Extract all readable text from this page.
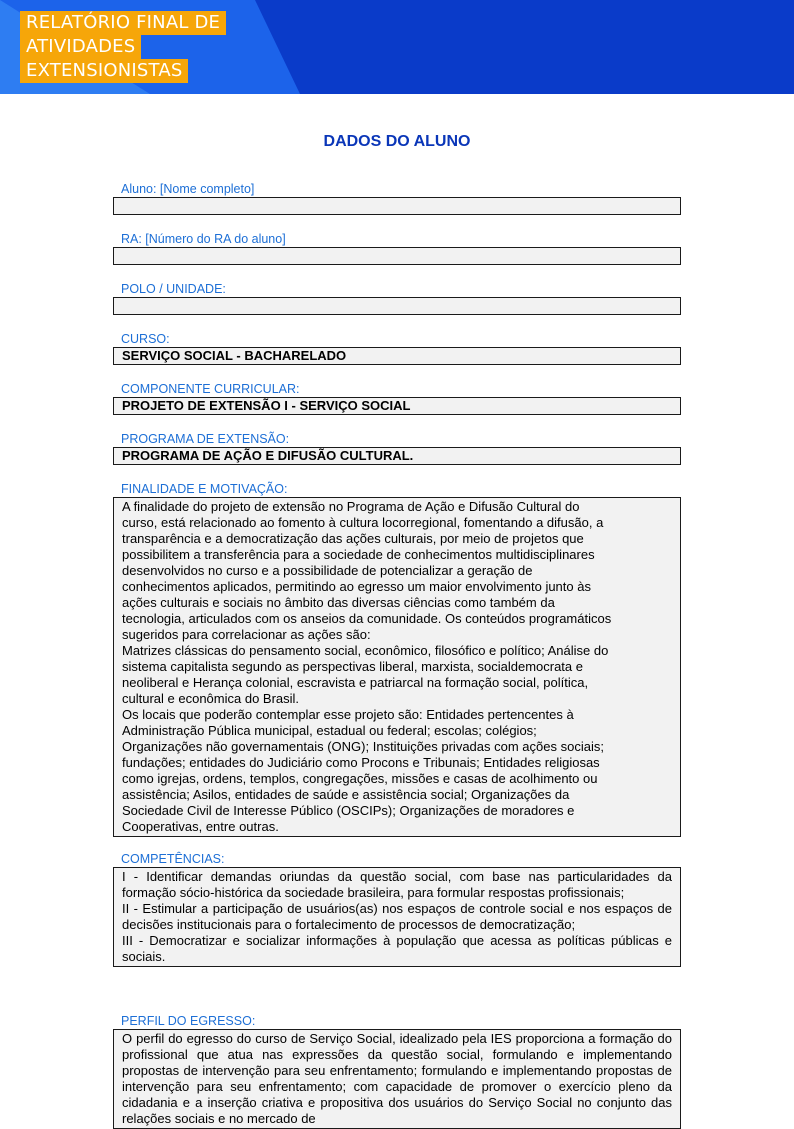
RELATÓRIO FINAL DE
ATIVIDADES
EXTENSIONISTAS
DADOS DO ALUNO
Aluno: [Nome completo]
RA: [Número do RA do aluno]
POLO / UNIDADE:
CURSO:
SERVIÇO SOCIAL - BACHARELADO
COMPONENTE CURRICULAR:
PROJETO DE EXTENSÃO I - SERVIÇO SOCIAL
PROGRAMA DE EXTENSÃO:
PROGRAMA DE AÇÃO E DIFUSÃO CULTURAL.
FINALIDADE E MOTIVAÇÃO:
A finalidade do projeto de extensão no Programa de Ação e Difusão Cultural do
curso, está relacionado ao fomento à cultura locorregional, fomentando a difusão, a
transparência e a democratização das ações culturais, por meio de projetos que
possibilitem a transferência para a sociedade de conhecimentos multidisciplinares
desenvolvidos no curso e a possibilidade de potencializar a geração de
conhecimentos aplicados, permitindo ao egresso um maior envolvimento junto às
ações culturais e sociais no âmbito das diversas ciências como também da
tecnologia, articulados com os anseios da comunidade. Os conteúdos programáticos
sugeridos para correlacionar as ações são:
Matrizes clássicas do pensamento social, econômico, filosófico e político; Análise do
sistema capitalista segundo as perspectivas liberal, marxista, socialdemocrata e
neoliberal e Herança colonial, escravista e patriarcal na formação social, política,
cultural e econômica do Brasil.
Os locais que poderão contemplar esse projeto são: Entidades pertencentes à
Administração Pública municipal, estadual ou federal; escolas; colégios;
Organizações não governamentais (ONG); Instituições privadas com ações sociais;
fundações; entidades do Judiciário como Procons e Tribunais; Entidades religiosas
como igrejas, ordens, templos, congregações, missões e casas de acolhimento ou
assistência; Asilos, entidades de saúde e assistência social; Organizações da
Sociedade Civil de Interesse Público (OSCIPs); Organizações de moradores e
Cooperativas, entre outras.
COMPETÊNCIAS:
I - Identificar demandas oriundas da questão social, com base nas particularidades da formação sócio-histórica da sociedade brasileira, para formular respostas profissionais;
II - Estimular a participação de usuários(as) nos espaços de controle social e nos espaços de decisões institucionais para o fortalecimento de processos de democratização;
III - Democratizar e socializar informações à população que acessa as políticas públicas e sociais.
PERFIL DO EGRESSO:
O perfil do egresso do curso de Serviço Social, idealizado pela IES proporciona a formação do profissional que atua nas expressões da questão social, formulando e implementando propostas de intervenção para seu enfrentamento; formulando e implementando propostas de intervenção para seu enfrentamento; com capacidade de promover o exercício pleno da cidadania e a inserção criativa e propositiva dos usuários do Serviço Social no conjunto das relações sociais e no mercado de
